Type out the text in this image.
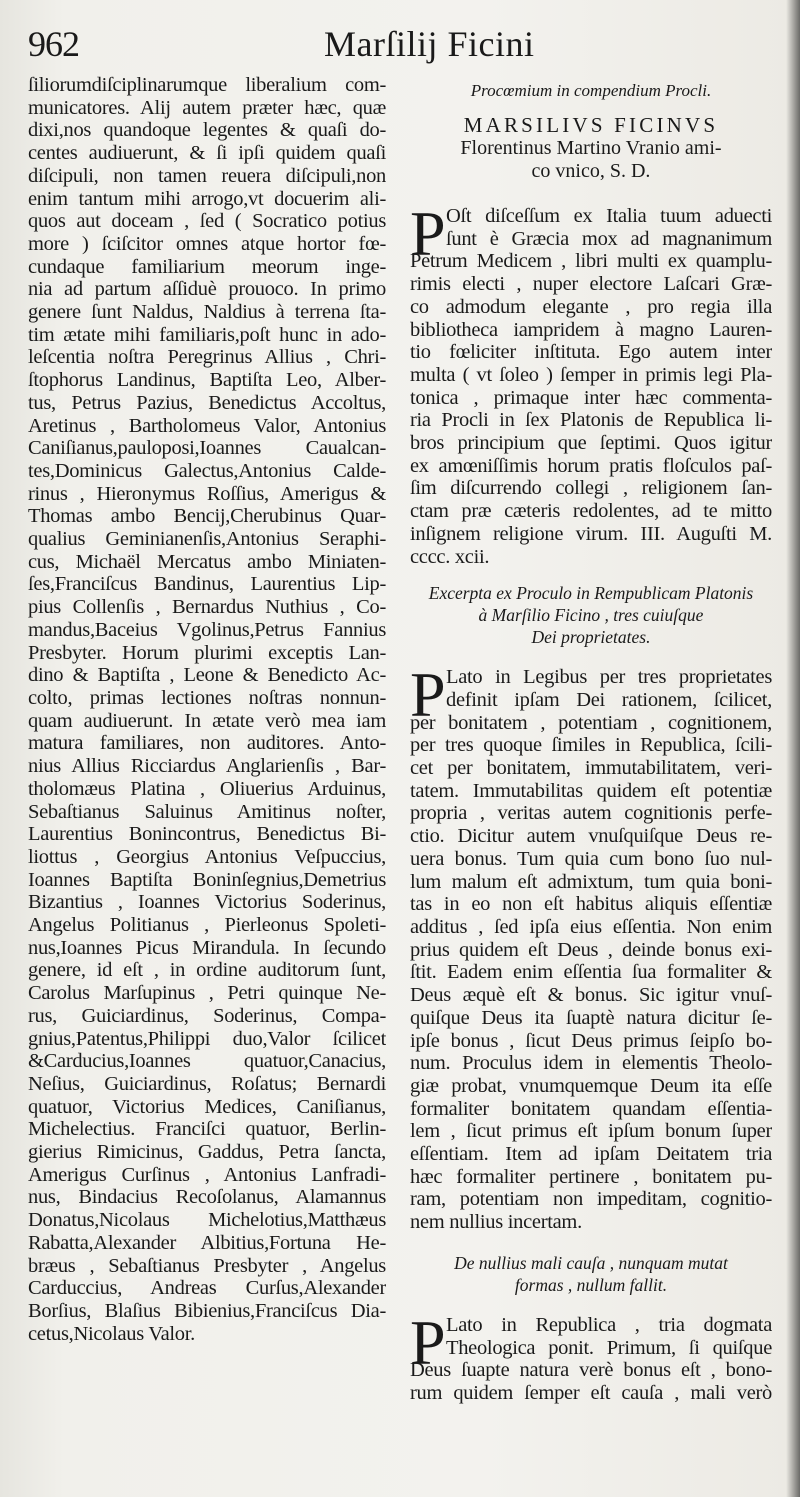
962	Marſilij Ficini
ſiliorumdiſciplinarumque liberalium com-
municatores. Alij autem præter hæc, quæ
dixi,nos quandoque legentes & quaſi do-
centes audiuerunt, & ſi ipſi quidem quaſi
diſcipuli, non tamen reuera diſcipuli,non
enim tantum mihi arrogo,vt docuerim ali-
quos aut doceam , ſed ( Socratico potius
more ) ſciſcitor omnes atque hortor fœ-
cundaque familiarium meorum inge-
nia ad partum aſſiduè prouoco. In primo
genere ſunt Naldus, Naldius à terrena ſta-
tim ætate mihi familiaris,poſt hunc in ado-
leſcentia noſtra Peregrinus Allius , Chri-
ſtophorus Landinus, Baptiſta Leo, Alber-
tus, Petrus Pazius, Benedictus Accoltus,
Aretinus , Bartholomeus Valor, Antonius
Caniſianus,pauloposi,Ioannes Caualcan-
tes,Dominicus Galectus,Antonius Calde-
rinus , Hieronymus Roſſius, Amerigus &
Thomas ambo Bencij,Cherubinus Quar-
qualius Geminianenſis,Antonius Seraphi-
cus, Michaël Mercatus ambo Miniaten-
ſes,Franciſcus Bandinus, Laurentius Lip-
pius Collenſis , Bernardus Nuthius , Co-
mandus,Baceius Vgolinus,Petrus Fannius
Presbyter. Horum plurimi exceptis Lan-
dino & Baptiſta , Leone & Benedicto Ac-
colto, primas lectiones noſtras nonnun-
quam audiuerunt. In ætate verò mea iam
matura familiares, non auditores. Anto-
nius Allius Ricciardus Anglarienſis , Bar-
tholomæus Platina , Oliuerius Arduinus,
Sebaſtianus Saluinus Amitinus noſter,
Laurentius Bonincontrus, Benedictus Bi-
liottus , Georgius Antonius Veſpuccius,
Ioannes Baptiſta Boninſegnius,Demetrius
Bizantius , Ioannes Victorius Soderinus,
Angelus Politianus , Pierleonus Spoleti-
nus,Ioannes Picus Mirandula. In ſecundo
genere, id eſt , in ordine auditorum ſunt,
Carolus Marſupinus , Petri quinque Ne-
rus, Guiciardinus, Soderinus, Compa-
gnius,Patentus,Philippi duo,Valor ſcilicet
&Carducius,Ioannes quatuor,Canacius,
Neſius, Guiciardinus, Roſatus; Bernardi
quatuor, Victorius Medices, Caniſianus,
Michelectius. Franciſci quatuor, Berlin-
gierius Rimicinus, Gaddus, Petra ſancta,
Amerigus Curſinus , Antonius Lanfradi-
nus, Bindacius Recoſolanus, Alamannus
Donatus,Nicolaus Michelotius,Matthæus
Rabatta,Alexander Albitius,Fortuna He-
bræus , Sebaſtianus Presbyter , Angelus
Carduccius, Andreas Curſus,Alexander
Borſius, Blaſius Bibienius,Franciſcus Dia-
cetus,Nicolaus Valor.
Procœmium in compendium Procli.
MARSILIVS FICINVS
Florentinus Martino Vranio ami-
co vnico, S. D.
P Oſt diſceſſum ex Italia tuum aduecti
ſunt è Græcia mox ad magnanimum
Petrum Medicem , libri multi ex quamplu-
rimis electi , nuper electore Laſcari Græ-
co admodum elegante , pro regia illa
bibliotheca iampridem à magno Lauren-
tio fœliciter inſtituta. Ego autem inter
multa ( vt ſoleo ) ſemper in primis legi Pla-
tonica , primaque inter hæc commenta-
ria Procli in ſex Platonis de Republica li-
bros principium que ſeptimi. Quos igitur
ex amœniſſimis horum pratis floſculos paſ-
ſim diſcurrendo collegi , religionem ſan-
ctam præ cæteris redolentes, ad te mitto
inſignem religione virum. III. Auguſti M.
cccc. xcii.
Excerpta ex Proculo in Rempublicam Platonis
à Marſilio Ficino , tres cuiuſque
Dei proprietates.
P Lato in Legibus per tres proprietates
definit ipſam Dei rationem, ſcilicet,
per bonitatem , potentiam , cognitionem,
per tres quoque ſimiles in Republica, ſcili-
cet per bonitatem, immutabilitatem, veri-
tatem. Immutabilitas quidem eſt potentiæ
propria , veritas autem cognitionis perfe-
ctio. Dicitur autem vnuſquiſque Deus re-
uera bonus. Tum quia cum bono ſuo nul-
lum malum eſt admixtum, tum quia boni-
tas in eo non eſt habitus aliquis eſſentiæ
additus , ſed ipſa eius eſſentia. Non enim
prius quidem eſt Deus , deinde bonus exi-
ſtit. Eadem enim eſſentia ſua formaliter &
Deus æquè eſt & bonus. Sic igitur vnuſ-
quiſque Deus ita ſuaptè natura dicitur ſe-
ipſe bonus , ſicut Deus primus ſeipſo bo-
num. Proculus idem in elementis Theolo-
giæ probat, vnumquemque Deum ita eſſe
formaliter bonitatem quandam eſſentia-
lem , ſicut primus eſt ipſum bonum ſuper
eſſentiam. Item ad ipſam Deitatem tria
hæc formaliter pertinere , bonitatem pu-
ram, potentiam non impeditam, cognitio-
nem nullius incertam.
De nullius mali cauſa , nunquam mutat
formas , nullum fallit.
P Lato in Republica , tria dogmata
Theologica ponit. Primum, ſi quiſque
Deus ſuapte natura verè bonus eſt , bono-
rum quidem ſemper eſt cauſa , mali verò
